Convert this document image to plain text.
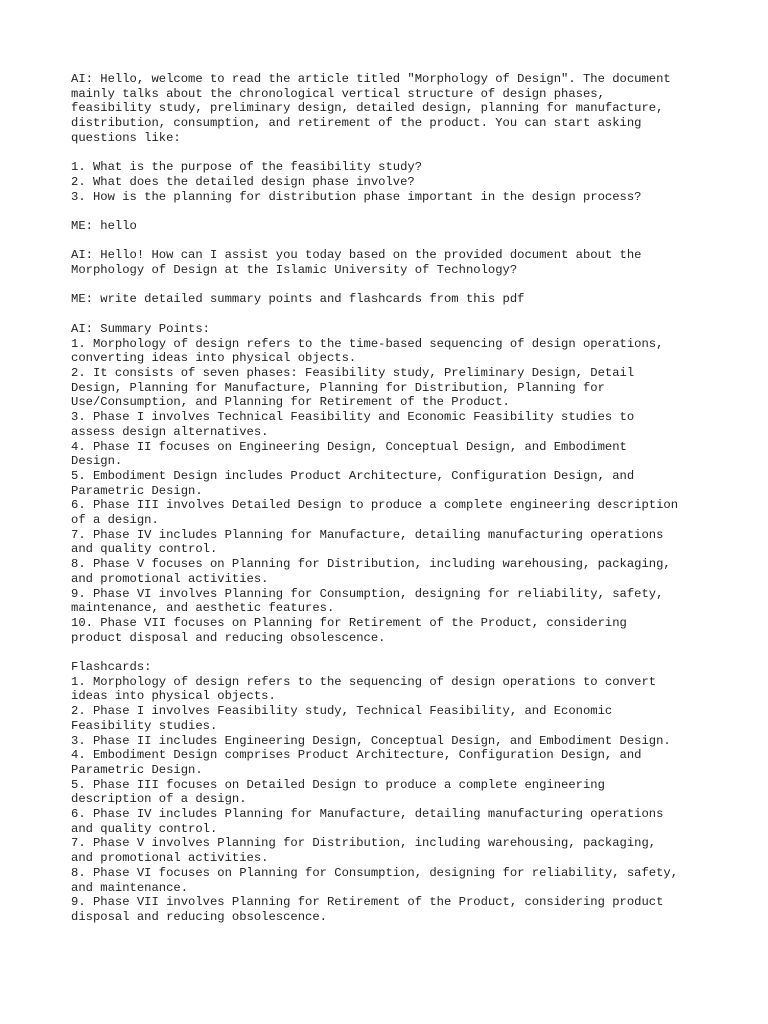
AI: Hello, welcome to read the article titled "Morphology of Design". The document
mainly talks about the chronological vertical structure of design phases,
feasibility study, preliminary design, detailed design, planning for manufacture,
distribution, consumption, and retirement of the product. You can start asking
questions like:
1. What is the purpose of the feasibility study?
2. What does the detailed design phase involve?
3. How is the planning for distribution phase important in the design process?
ME: hello
AI: Hello! How can I assist you today based on the provided document about the
Morphology of Design at the Islamic University of Technology?
ME: write detailed summary points and flashcards from this pdf
AI: Summary Points:
1. Morphology of design refers to the time-based sequencing of design operations,
converting ideas into physical objects.
2. It consists of seven phases: Feasibility study, Preliminary Design, Detail
Design, Planning for Manufacture, Planning for Distribution, Planning for
Use/Consumption, and Planning for Retirement of the Product.
3. Phase I involves Technical Feasibility and Economic Feasibility studies to
assess design alternatives.
4. Phase II focuses on Engineering Design, Conceptual Design, and Embodiment
Design.
5. Embodiment Design includes Product Architecture, Configuration Design, and
Parametric Design.
6. Phase III involves Detailed Design to produce a complete engineering description
of a design.
7. Phase IV includes Planning for Manufacture, detailing manufacturing operations
and quality control.
8. Phase V focuses on Planning for Distribution, including warehousing, packaging,
and promotional activities.
9. Phase VI involves Planning for Consumption, designing for reliability, safety,
maintenance, and aesthetic features.
10. Phase VII focuses on Planning for Retirement of the Product, considering
product disposal and reducing obsolescence.
Flashcards:
1. Morphology of design refers to the sequencing of design operations to convert
ideas into physical objects.
2. Phase I involves Feasibility study, Technical Feasibility, and Economic
Feasibility studies.
3. Phase II includes Engineering Design, Conceptual Design, and Embodiment Design.
4. Embodiment Design comprises Product Architecture, Configuration Design, and
Parametric Design.
5. Phase III focuses on Detailed Design to produce a complete engineering
description of a design.
6. Phase IV includes Planning for Manufacture, detailing manufacturing operations
and quality control.
7. Phase V involves Planning for Distribution, including warehousing, packaging,
and promotional activities.
8. Phase VI focuses on Planning for Consumption, designing for reliability, safety,
and maintenance.
9. Phase VII involves Planning for Retirement of the Product, considering product
disposal and reducing obsolescence.
